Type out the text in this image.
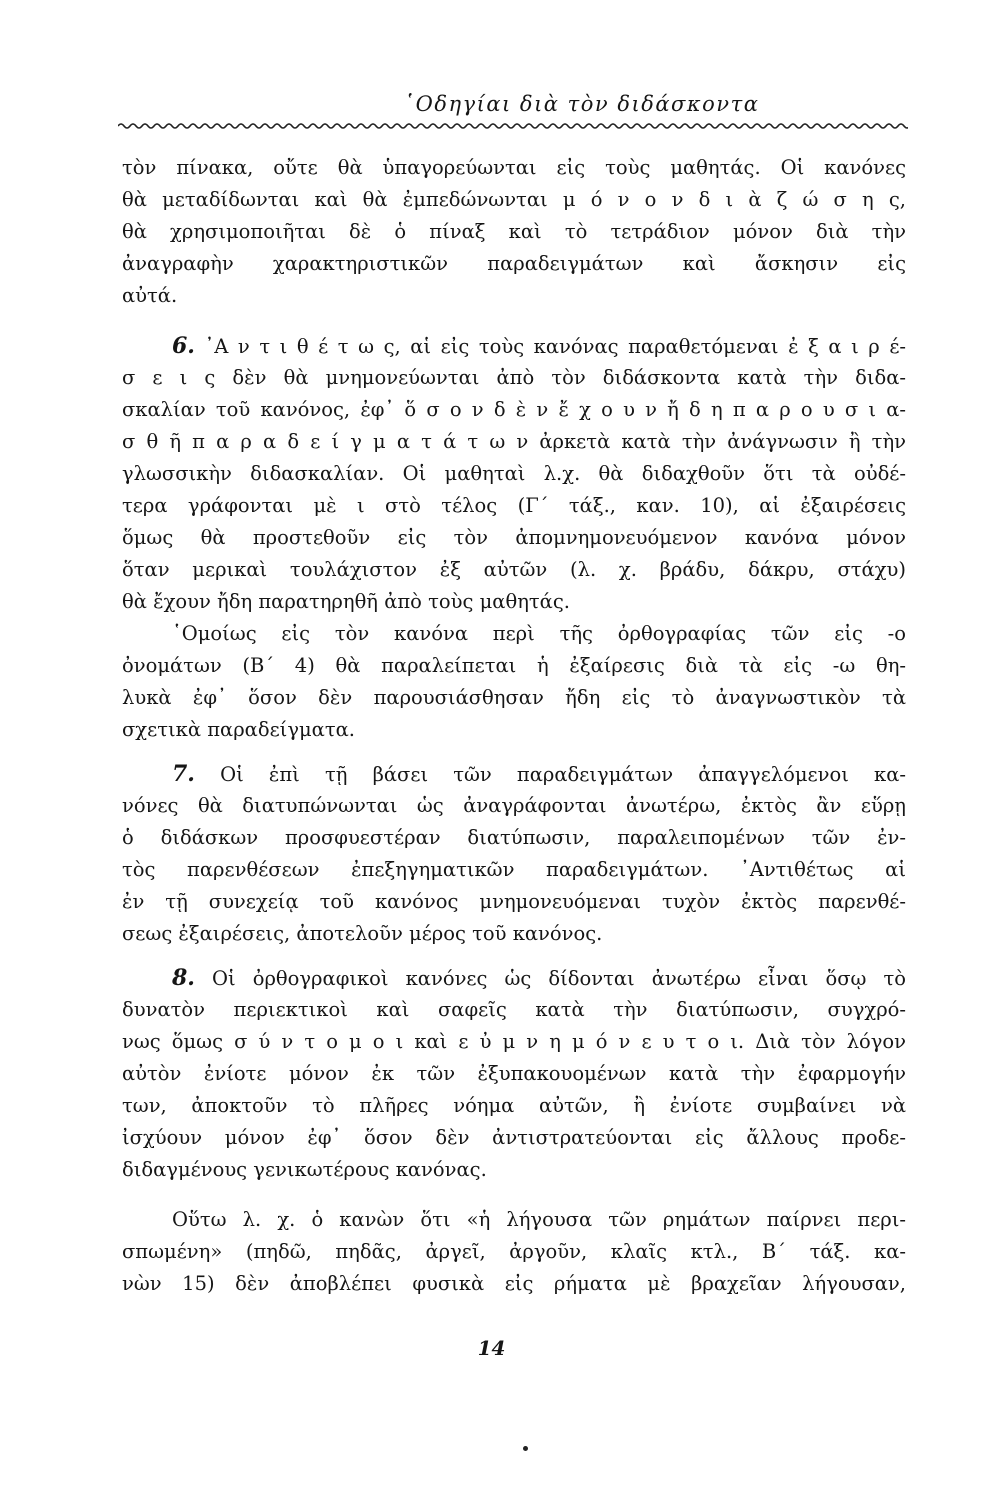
῾Οδηγίαι διὰ τὸν διδάσκοντα
τὸν πίνακα, οὔτε θὰ ὑπαγορεύωνται εἰς τοὺς μαθητάς. Οἱ κανόνες
θὰ μεταδίδωνται καὶ θὰ ἐμπεδώνωνται μ ό ν ο ν δ ι ὰ ζ ώ σ η ς,
θὰ χρησιμοποιῆται δὲ ὁ πίναξ καὶ τὸ τετράδιον μόνον διὰ τὴν
ἀναγραφὴν χαρακτηριστικῶν παραδειγμάτων καὶ ἄσκησιν εἰς
αὐτά.
6. ᾿Α ν τ ι θ έ τ ω ς, αἱ εἰς τοὺς κανόνας παραθετόμεναι ἐ ξ α ι ρ έ-
σ ε ι ς δὲν θὰ μνημονεύωνται ἀπὸ τὸν διδάσκοντα κατὰ τὴν διδα-
σκαλίαν τοῦ κανόνος, ἐφ᾿ ὅ σ ο ν δ ὲ ν ἔ χ ο υ ν ἤ δ η π α ρ ο υ σ ι α-
σ θ ῆ π α ρ α δ ε ί γ μ α τ ά τ ω ν ἀρκετὰ κατὰ τὴν ἀνάγνωσιν ἢ τὴν
γλωσσικὴν διδασκαλίαν. Οἱ μαθηταὶ λ.χ. θὰ διδαχθοῦν ὅτι τὰ οὐδέ-
τερα γράφονται μὲ ι στὸ τέλος (Γ΄ τάξ., καν. 10), αἱ ἐξαιρέσεις
ὅμως θὰ προστεθοῦν εἰς τὸν ἀπομνημονευόμενον κανόνα μόνον
ὅταν μερικαὶ τουλάχιστον ἐξ αὐτῶν (λ. χ. βράδυ, δάκρυ, στάχυ)
θὰ ἔχουν ἤδη παρατηρηθῆ ἀπὸ τοὺς μαθητάς.
῾Ομοίως εἰς τὸν κανόνα περὶ τῆς ὀρθογραφίας τῶν εἰς -ο
ὀνομάτων (Β΄ 4) θὰ παραλείπεται ἡ ἐξαίρεσις διὰ τὰ εἰς -ω θη-
λυκὰ ἐφ᾿ ὅσον δὲν παρουσιάσθησαν ἤδη εἰς τὸ ἀναγνωστικὸν τὰ
σχετικὰ παραδείγματα.
7. Οἱ ἐπὶ τῇ βάσει τῶν παραδειγμάτων ἀπαγγελόμενοι κα-
νόνες θὰ διατυπώνωνται ὡς ἀναγράφονται ἀνωτέρω, ἐκτὸς ἂν εὕρῃ
ὁ διδάσκων προσφυεστέραν διατύπωσιν, παραλειπομένων τῶν ἐν-
τὸς παρενθέσεων ἐπεξηγηματικῶν παραδειγμάτων. ᾿Αντιθέτως αἱ
ἐν τῇ συνεχείᾳ τοῦ κανόνος μνημονευόμεναι τυχὸν ἐκτὸς παρενθέ-
σεως ἐξαιρέσεις, ἀποτελοῦν μέρος τοῦ κανόνος.
8. Οἱ ὀρθογραφικοὶ κανόνες ὡς δίδονται ἀνωτέρω εἶναι ὅσῳ τὸ
δυνατὸν περιεκτικοὶ καὶ σαφεῖς κατὰ τὴν διατύπωσιν, συγχρό-
νως ὅμως σ ύ ν τ ο μ ο ι καὶ ε ὐ μ ν η μ ό ν ε υ τ ο ι. Διὰ τὸν λόγον
αὐτὸν ἐνίοτε μόνον ἐκ τῶν ἐξυπακουομένων κατὰ τὴν ἐφαρμογήν
των, ἀποκτοῦν τὸ πλῆρες νόημα αὐτῶν, ἢ ἐνίοτε συμβαίνει νὰ
ἰσχύουν μόνον ἐφ᾿ ὅσον δὲν ἀντιστρατεύονται εἰς ἄλλους προδε-
διδαγμένους γενικωτέρους κανόνας.
Οὕτω λ. χ. ὁ κανὼν ὅτι «ἡ λήγουσα τῶν ρημάτων παίρνει περι-
σπωμένη» (πηδῶ, πηδᾶς, ἀργεῖ, ἀργοῦν, κλαῖς κτλ., Β΄ τάξ. κα-
νὼν 15) δὲν ἀποβλέπει φυσικὰ εἰς ρήματα μὲ βραχεῖαν λήγουσαν,
14
